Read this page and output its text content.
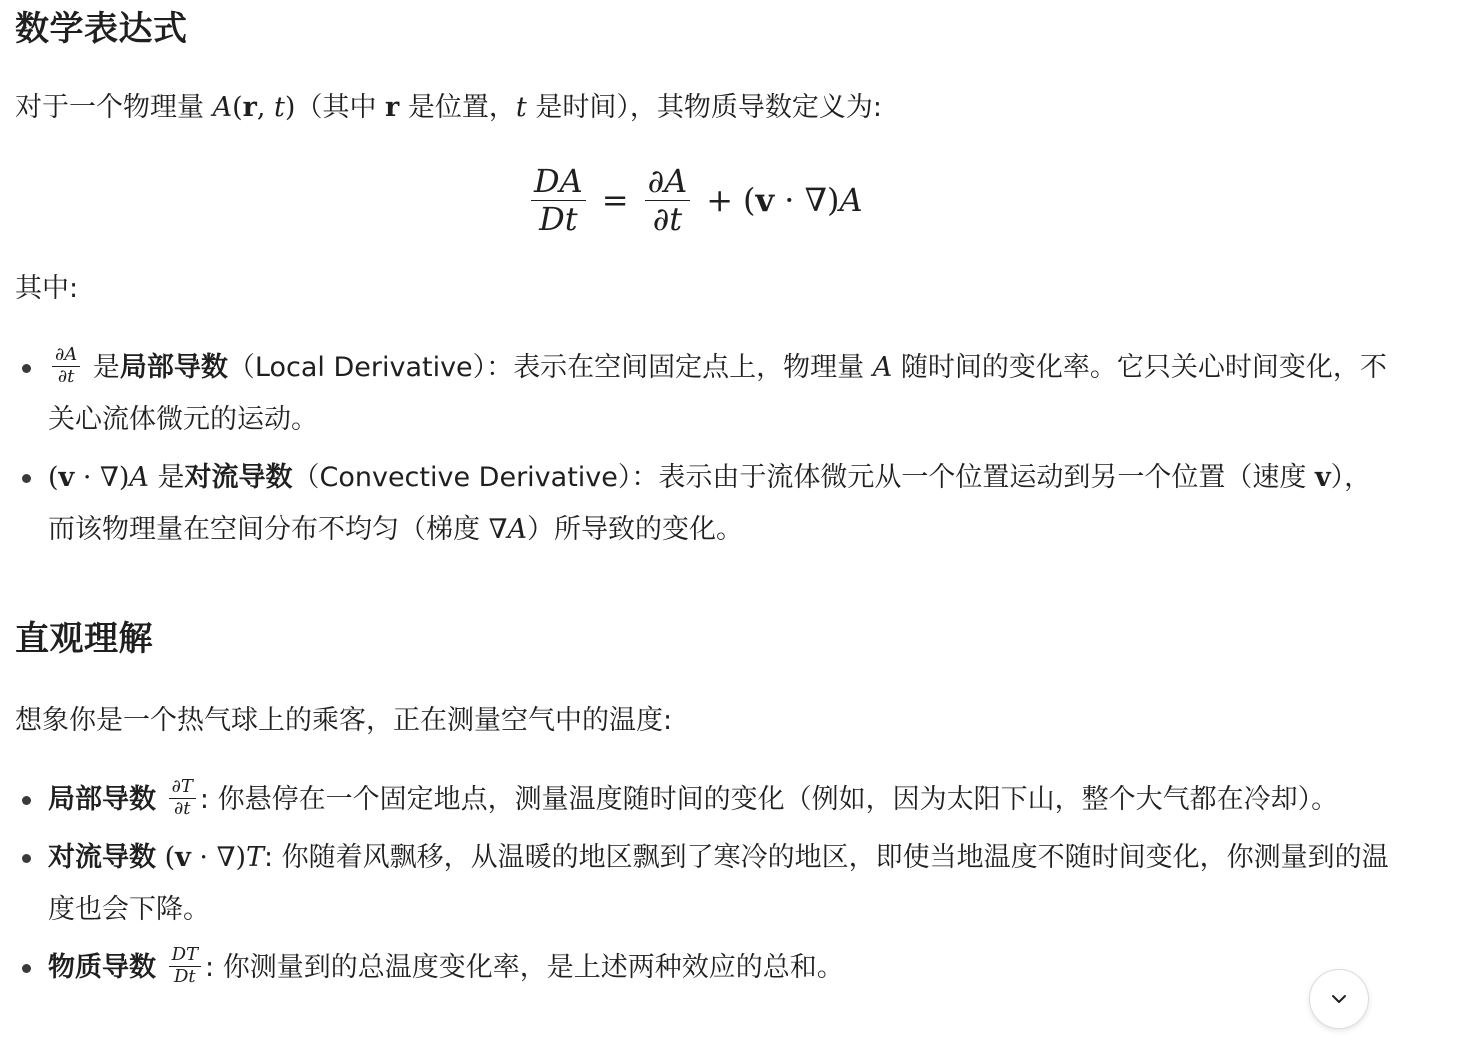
数学表达式

对于一个物理量 A(r, t)（其中 r 是位置，t 是时间），其物质导数定义为:

$\frac{DA}{Dt} = \frac{\partial A}{\partial t} + (v \cdot \nabla)A$

其中:

$\frac{\partial A}{\partial t}$ 是局部导数（Local Derivative）：表示在空间固定点上，物理量 A 随时间的变化率。它只关心时间变化，不关心流体微元的运动。
(v · ∇)A 是对流导数（Convective Derivative）：表示由于流体微元从一个位置运动到另一个位置（速度 v），而该物理量在空间分布不均匀（梯度 ∇A）所导致的变化。
直观理解

想象你是一个热气球上的乘客，正在测量空气中的温度:

局部导数 $\frac{\partial T}{\partial t}$ : 你悬停在一个固定地点，测量温度随时间的变化（例如，因为太阳下山，整个大气都在冷却）。
对流导数 (v · ∇)T: 你随着风飘移，从温暖的地区飘到了寒冷的地区，即使当地温度不随时间变化，你测量到的温度也会下降。
物质导数 $\frac{DT}{Dt}$ : 你测量到的总温度变化率，是上述两种效应的总和。
